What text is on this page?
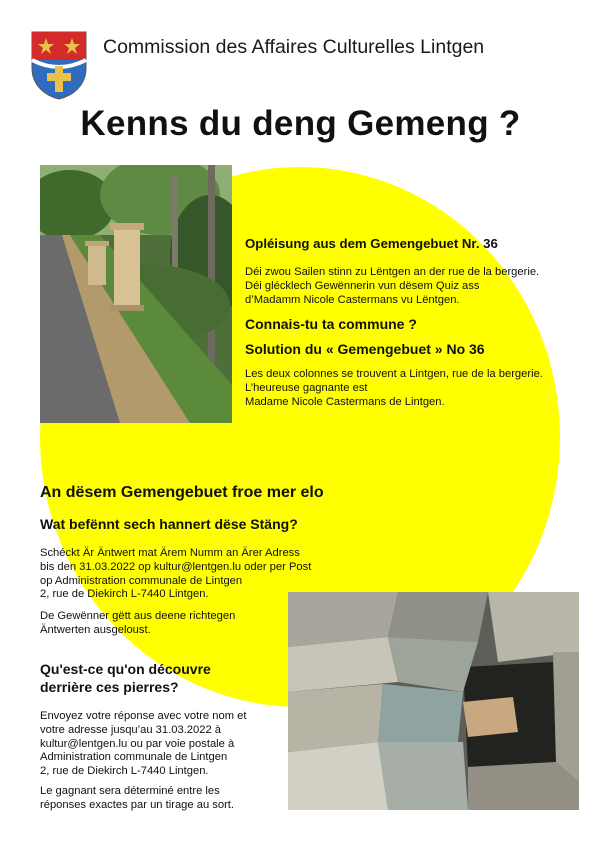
Commission des Affaires Culturelles Lintgen
Kenns du deng Gemeng ?
Opléisung aus dem Gemengebuet Nr. 36
Déi zwou Sailen stinn zu Lëntgen an der rue de la bergerie.
Déi glécklech Gewënnerin vun dësem Quiz ass
d’Madamm Nicole Castermans vu Lëntgen.
Connais-tu ta commune ?
Solution du « Gemengebuet » No 36
Les deux colonnes se trouvent a Lintgen, rue de la bergerie.
L’heureuse gagnante est
Madame Nicole Castermans de Lintgen.
An dësem Gemengebuet froe mer elo
Wat befënnt sech hannert dëse Stäng?
Schéckt Är Äntwert mat Ärem Numm an Ärer Adress
bis den 31.03.2022 op kultur@lentgen.lu oder per Post
op Administration communale de Lintgen
2, rue de Diekirch L-7440 Lintgen.
De Gewënner gëtt aus deene richtegen
Äntwerten ausgeloust.
Qu'est-ce qu'on découvre
derrière ces pierres?
Envoyez votre réponse avec votre nom et
votre adresse jusqu’au 31.03.2022 à
kultur@lentgen.lu ou par voie postale à
Administration communale de Lintgen
2, rue de Diekirch L-7440 Lintgen.
Le gagnant sera déterminé entre les
réponses exactes par un tirage au sort.
